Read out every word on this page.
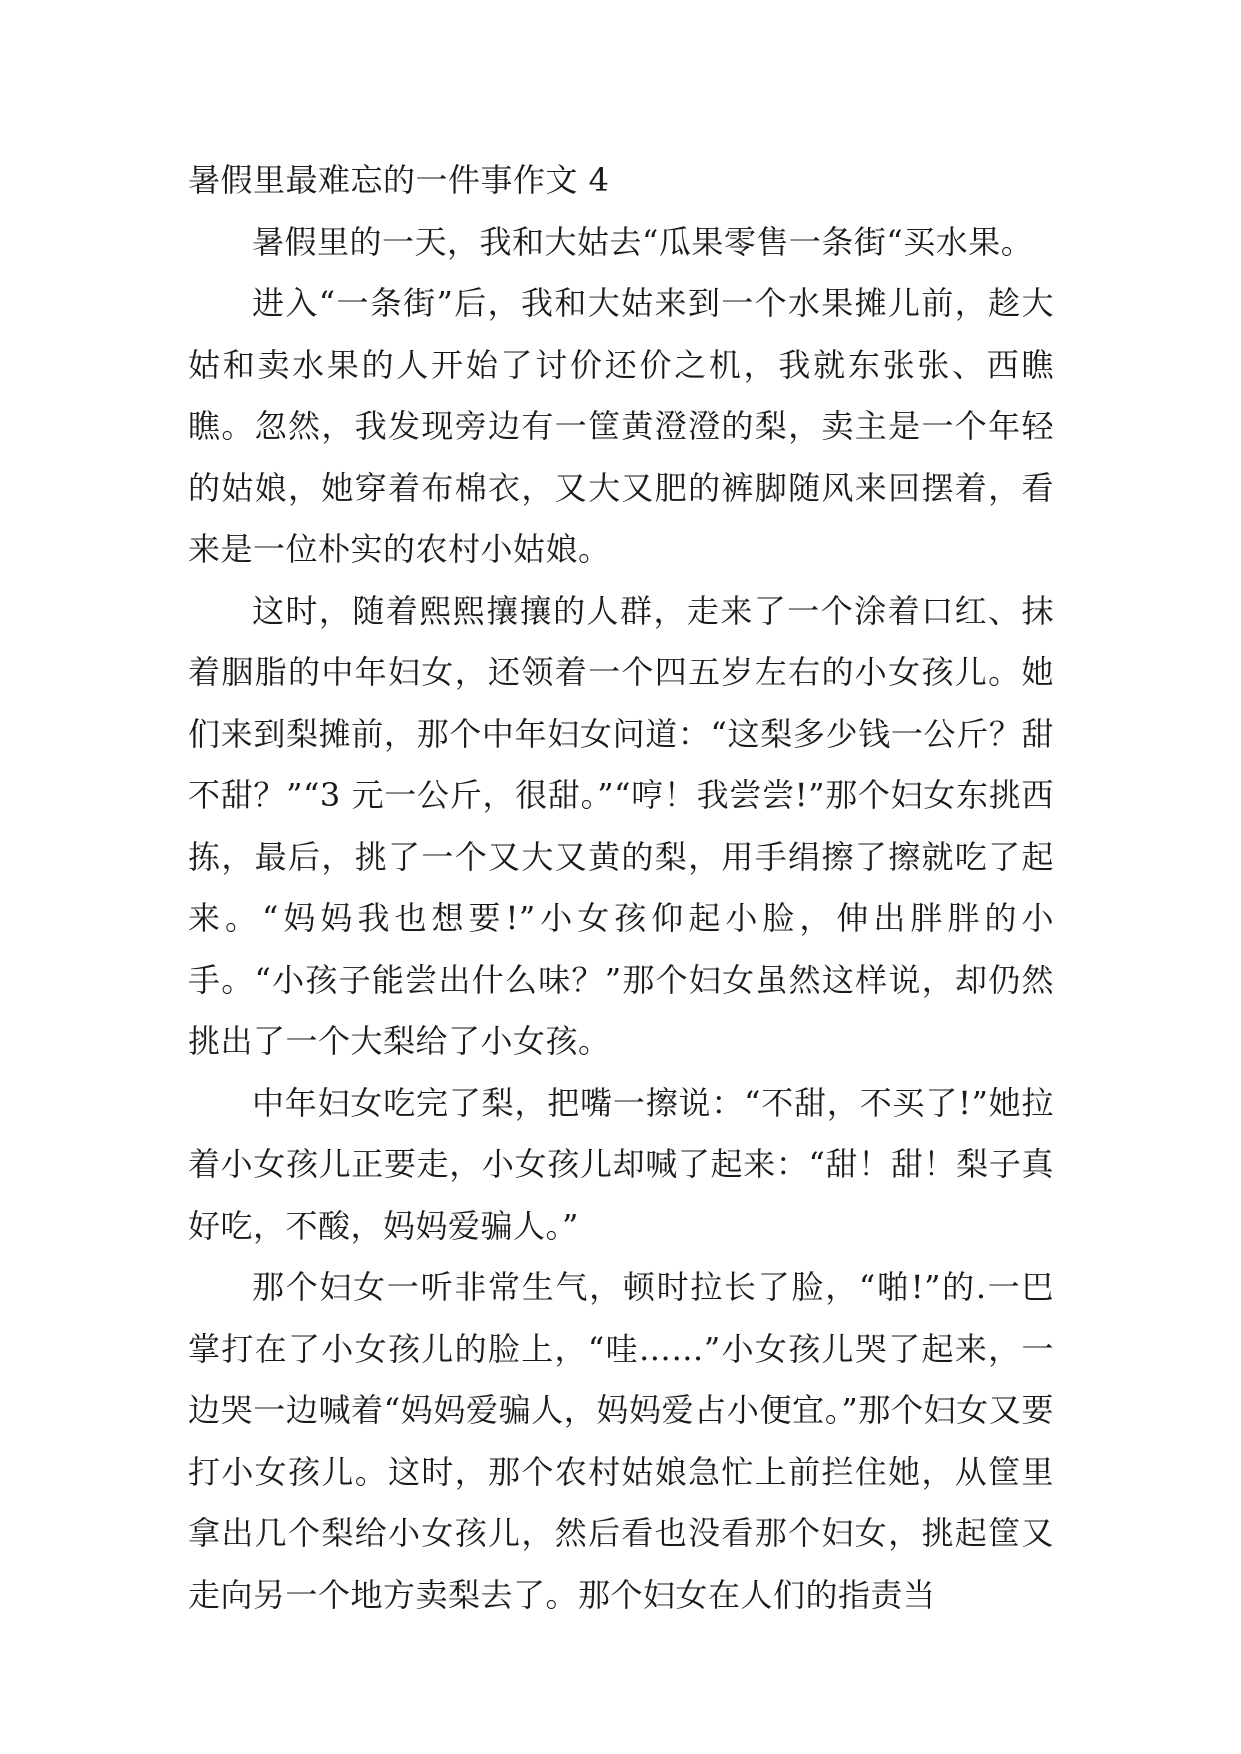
暑假里最难忘的一件事作文 4

暑假里的一天，我和大姑去“瓜果零售一条街“买水果。

进入“一条街”后，我和大姑来到一个水果摊儿前，趁大姑和卖水果的人开始了讨价还价之机，我就东张张、西瞧瞧。忽然，我发现旁边有一筐黄澄澄的梨，卖主是一个年轻的姑娘，她穿着布棉衣，又大又肥的裤脚随风来回摆着，看来是一位朴实的农村小姑娘。

这时，随着熙熙攘攘的人群，走来了一个涂着口红、抹着胭脂的中年妇女，还领着一个四五岁左右的小女孩儿。她们来到梨摊前，那个中年妇女问道：“这梨多少钱一公斤？甜不甜？”“3 元一公斤，很甜。”“哼！我尝尝!”那个妇女东挑西拣，最后，挑了一个又大又黄的梨，用手绢擦了擦就吃了起来。“妈妈我也想要!”小女孩仰起小脸，伸出胖胖的小手。“小孩子能尝出什么味？”那个妇女虽然这样说，却仍然挑出了一个大梨给了小女孩。

中年妇女吃完了梨，把嘴一擦说：“不甜，不买了!”她拉着小女孩儿正要走，小女孩儿却喊了起来：“甜！甜！梨子真好吃，不酸，妈妈爱骗人。”

那个妇女一听非常生气，顿时拉长了脸，“啪!”的.一巴掌打在了小女孩儿的脸上，“哇……”小女孩儿哭了起来，一边哭一边喊着“妈妈爱骗人，妈妈爱占小便宜。”那个妇女又要打小女孩儿。这时，那个农村姑娘急忙上前拦住她，从筐里拿出几个梨给小女孩儿，然后看也没看那个妇女，挑起筐又走向另一个地方卖梨去了。那个妇女在人们的指责当
